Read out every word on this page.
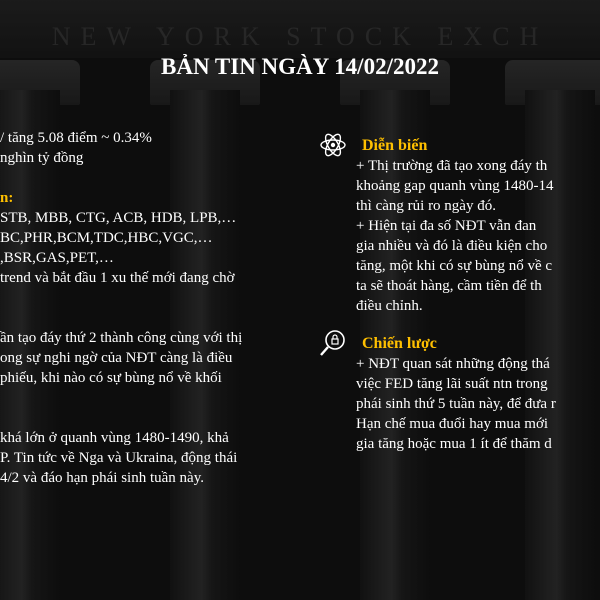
NEW YORK STOCK EXCH
BẢN TIN NGÀY 14/02/2022
/ tăng 5.08 điểm ~ 0.34%
nghìn tỷ đồng
n:
STB, MBB, CTG, ACB, HDB, LPB,…
BC,PHR,BCM,TDC,HBC,VGC,…
,BSR,GAS,PET,…
trend và bắt đầu 1 xu thế mới đang chờ
ần tạo đáy thứ 2 thành công cùng với thị
ong sự nghi ngờ của NĐT càng là điều
phiếu, khi nào có sự bùng nổ về khối
khá lớn ở quanh vùng 1480-1490, khả
P. Tin tức về Nga và Ukraina, động thái
4/2 và đáo hạn phái sinh tuần này.
Diễn biến
+ Thị trường đã tạo xong đáy th
khoảng gap quanh vùng 1480-14
thì càng rủi ro ngày đó.
+ Hiện tại đa số NĐT vẫn đan
gia nhiều và đó là điều kiện cho
tăng, một khi có sự bùng nổ về c
ta sẽ thoát hàng, cầm tiền để th
điều chỉnh.
Chiến lược
+ NĐT quan sát những động thá
việc FED tăng lãi suất ntn trong
phái sinh thứ 5 tuần này, để đưa r
Hạn chế mua đuổi hay mua mới
gia tăng hoặc mua 1 ít để thăm d
